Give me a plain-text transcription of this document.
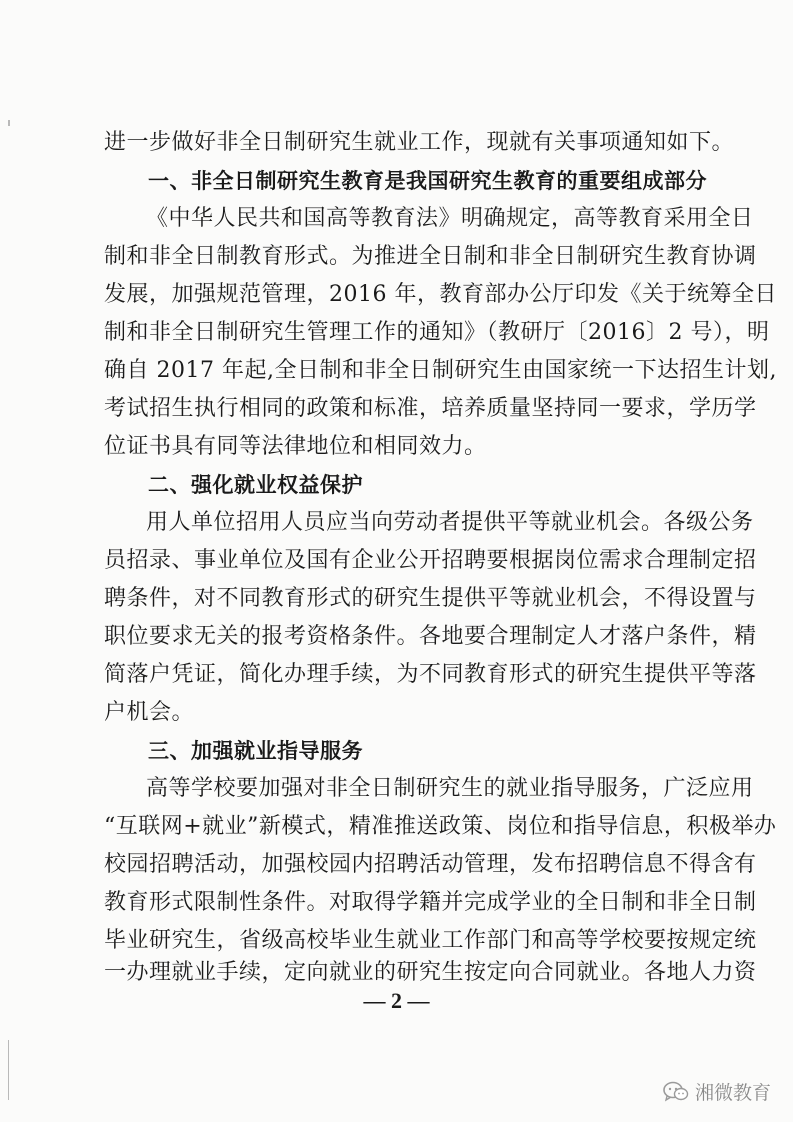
进一步做好非全日制研究生就业工作，现就有关事项通知如下。
一、非全日制研究生教育是我国研究生教育的重要组成部分
《中华人民共和国高等教育法》明确规定，高等教育采用全日
制和非全日制教育形式。为推进全日制和非全日制研究生教育协调
发展，加强规范管理，2016 年，教育部办公厅印发《关于统筹全日
制和非全日制研究生管理工作的通知》（教研厅〔2016〕2 号），明
确自 2017 年起,全日制和非全日制研究生由国家统一下达招生计划,
考试招生执行相同的政策和标准，培养质量坚持同一要求，学历学
位证书具有同等法律地位和相同效力。
二、强化就业权益保护
用人单位招用人员应当向劳动者提供平等就业机会。各级公务
员招录、事业单位及国有企业公开招聘要根据岗位需求合理制定招
聘条件，对不同教育形式的研究生提供平等就业机会，不得设置与
职位要求无关的报考资格条件。各地要合理制定人才落户条件，精
简落户凭证，简化办理手续，为不同教育形式的研究生提供平等落
户机会。
三、加强就业指导服务
高等学校要加强对非全日制研究生的就业指导服务，广泛应用
“互联网+就业”新模式，精准推送政策、岗位和指导信息，积极举办
校园招聘活动，加强校园内招聘活动管理，发布招聘信息不得含有
教育形式限制性条件。对取得学籍并完成学业的全日制和非全日制
毕业研究生，省级高校毕业生就业工作部门和高等学校要按规定统
一办理就业手续，定向就业的研究生按定向合同就业。各地人力资
— 2 —
湘微教育
